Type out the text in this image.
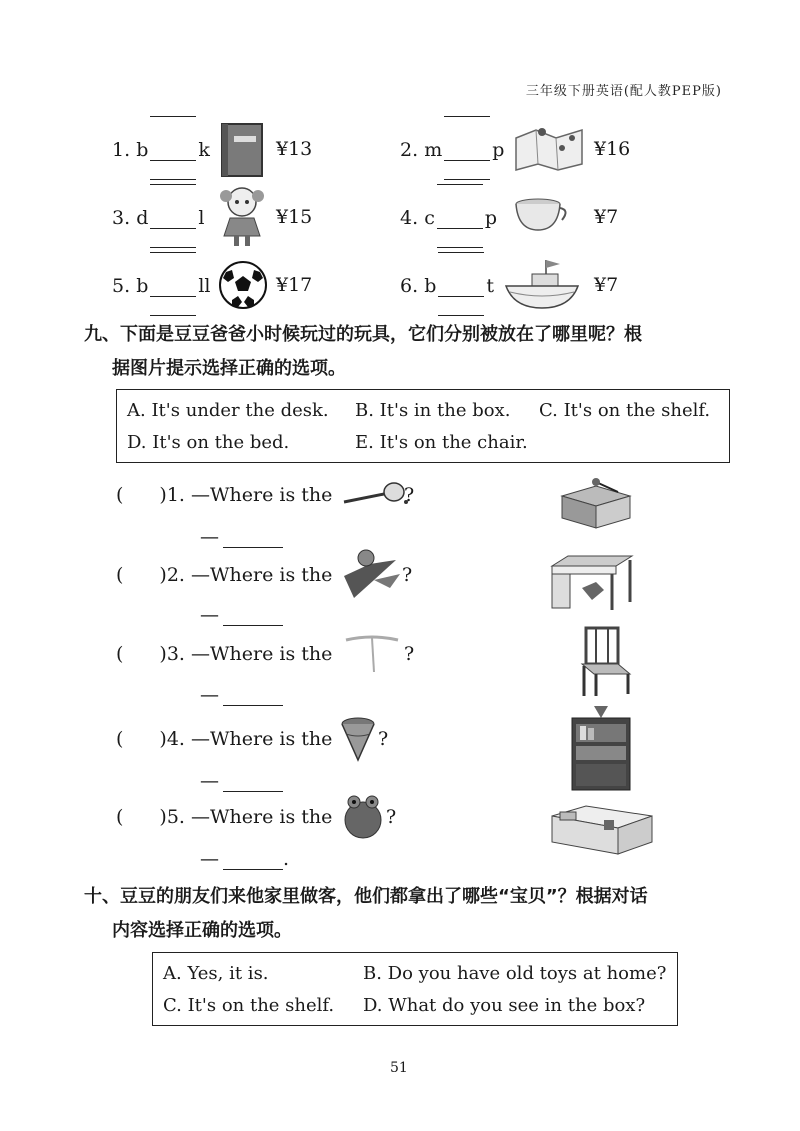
三年级下册英语(配人教PEP版)
1. b	k	¥13	2. m	p	¥16
3. d	l	¥15	4. c	p	¥7
5. b	ll	¥17	6. b	t	¥7
九、下面是豆豆爸爸小时候玩过的玩具，它们分别被放在了哪里呢？根
据图片提示选择正确的选项。
A. It's under the desk. B. It's in the box. C. It's on the shelf.
D. It's on the bed.	E. It's on the chair.
( )1. —Where is the	?
—
( )2. —Where is the	?
—
( )3. —Where is the	?
—
( )4. —Where is the ?
—
( )5. —Where is the	?
—	.
十、豆豆的朋友们来他家里做客，他们都拿出了哪些“宝贝”？根据对话
内容选择正确的选项。
A. Yes, it is.	B. Do you have old toys at home?
C. It's on the shelf. D. What do you see in the box?
51
